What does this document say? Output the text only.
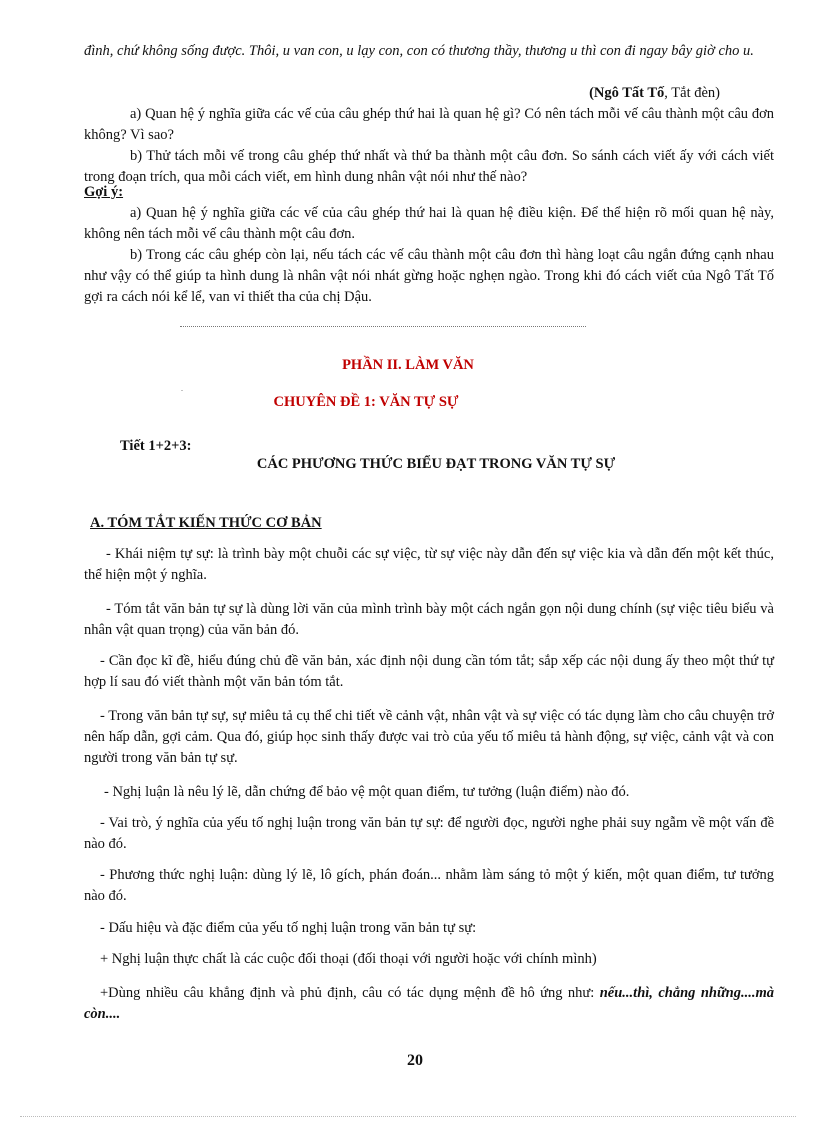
đình, chứ không sống được. Thôi, u van con, u lạy con, con có thương thầy, thương u thì con đi ngay bây giờ cho u.

(Ngô Tất Tố, Tắt đèn)

a) Quan hệ ý nghĩa giữa các vế của câu ghép thứ hai là quan hệ gì? Có nên tách mỗi vế câu thành một câu đơn không? Vì sao?

b) Thử tách mỗi vế trong câu ghép thứ nhất và thứ ba thành một câu đơn. So sánh cách viết ấy với cách viết trong đoạn trích, qua mỗi cách viết, em hình dung nhân vật nói như thế nào?

Gợi ý:

a) Quan hệ ý nghĩa giữa các vế của câu ghép thứ hai là quan hệ điều kiện. Để thể hiện rõ mối quan hệ này, không nên tách mỗi vế câu thành một câu đơn.

b) Trong các câu ghép còn lại, nếu tách các vế câu thành một câu đơn thì hàng loạt câu ngắn đứng cạnh nhau như vậy có thể giúp ta hình dung là nhân vật nói nhát gừng hoặc nghẹn ngào. Trong khi đó cách viết của Ngô Tất Tố gợi ra cách nói kể lể, van vỉ thiết tha của chị Dậu.

PHẦN II. LÀM VĂN

.

CHUYÊN ĐỀ 1: VĂN TỰ SỰ

Tiết 1+2+3:

CÁC PHƯƠNG THỨC BIỂU ĐẠT TRONG VĂN TỰ SỰ

A. TÓM TẮT KIẾN THỨC CƠ BẢN

- Khái niệm tự sự: là trình bày một chuỗi các sự việc, từ sự việc này dẫn đến sự việc kia và dẫn đến một kết thúc, thể hiện một ý nghĩa.

- Tóm tắt văn bản tự sự là dùng lời văn của mình trình bày một cách ngắn gọn nội dung chính (sự việc tiêu biểu và nhân vật quan trọng) của văn bản đó.

- Cần đọc kĩ đề, hiểu đúng chủ đề văn bản, xác định nội dung cần tóm tắt; sắp xếp các nội dung ấy theo một thứ tự hợp lí sau đó viết thành một văn bản tóm tắt.

- Trong văn bản tự sự, sự miêu tả cụ thể chi tiết về cảnh vật, nhân vật và sự việc có tác dụng làm cho câu chuyện trở nên hấp dẫn, gợi cảm. Qua đó, giúp học sinh thấy được vai trò của yếu tố miêu tả hành động, sự việc, cảnh vật và con người trong văn bản tự sự.

- Nghị luận là nêu lý lẽ, dẫn chứng để bảo vệ một quan điểm, tư tưởng (luận điểm) nào đó.

- Vai trò, ý nghĩa của yếu tố nghị luận trong văn bản tự sự: để người đọc, người nghe phải suy ngẫm về một vấn đề nào đó.

- Phương thức nghị luận: dùng lý lẽ, lô gích, phán đoán... nhằm làm sáng tỏ một ý kiến, một quan điểm, tư tưởng nào đó.

- Dấu hiệu và đặc điểm của yếu tố nghị luận trong văn bản tự sự:

+ Nghị luận thực chất là các cuộc đối thoại (đối thoại với người hoặc với chính mình)

+Dùng nhiều câu khẳng định và phủ định, câu có tác dụng mệnh đề hô ứng như: nếu...thì, chẳng những....mà còn....

20
